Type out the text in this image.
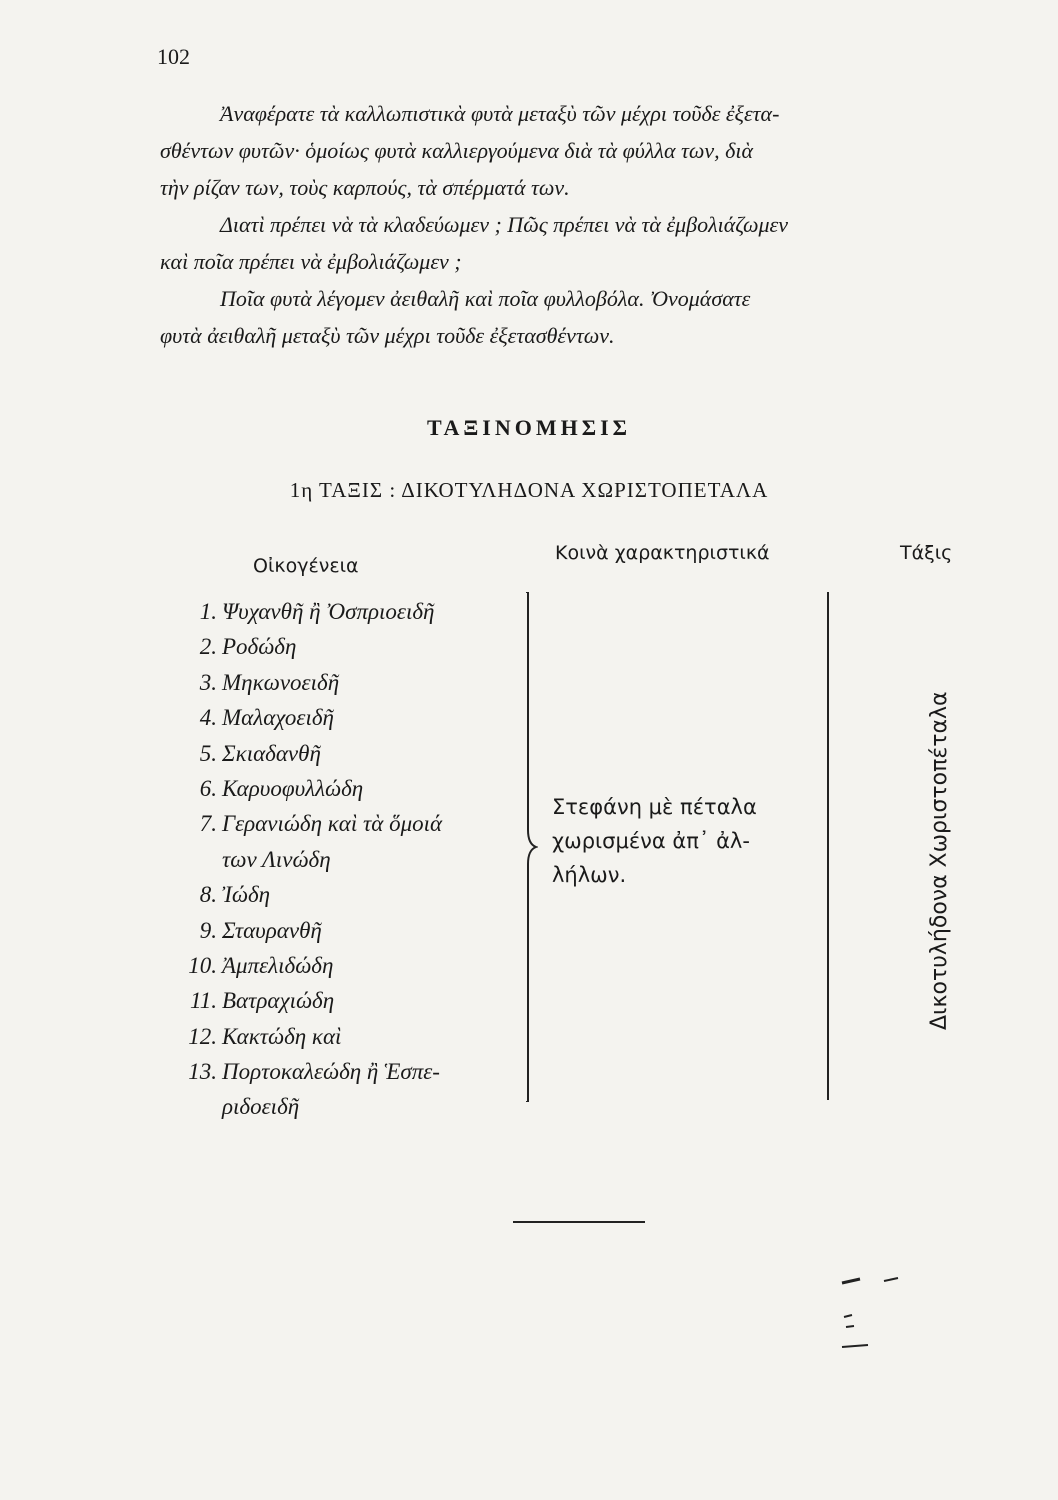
102
Ἀναφέρατε τὰ καλλωπιστικὰ φυτὰ μεταξὺ τῶν μέχρι τοῦδε ἐξετα-
σθέντων φυτῶν· ὁμοίως φυτὰ καλλιεργούμενα διὰ τὰ φύλλα των, διὰ
τὴν ρίζαν των, τοὺς καρπούς, τὰ σπέρματά των.
Διατὶ πρέπει νὰ τὰ κλαδεύωμεν ; Πῶς πρέπει νὰ τὰ ἐμβολιάζωμεν
καὶ ποῖα πρέπει νὰ ἐμβολιάζωμεν ;
Ποῖα φυτὰ λέγομεν ἀειθαλῆ καὶ ποῖα φυλλοβόλα. Ὀνομάσατε
φυτὰ ἀειθαλῆ μεταξὺ τῶν μέχρι τοῦδε ἐξετασθέντων.
ΤΑΞΙΝΟΜΗΣΙΣ
1η ΤΑΞΙΣ : ΔΙΚΟΤΥΛΗΔΟΝΑ ΧΩΡΙΣΤΟΠΕΤΑΛΑ
Οἰκογένεια
Κοινὰ χαρακτηριστικά	Τάξις
1. Ψυχανθῆ ἢ Ὀσπριοειδῆ
2. Ροδώδη
3. Μηκωνοειδῆ
4. Μαλαχοειδῆ
5. Σκιαδανθῆ
6. Καρυοφυλλώδη
7. Γερανιώδη καὶ τὰ ὅμοιά
των Λινώδη
8. Ἰώδη
9. Σταυρανθῆ
10. Ἀμπελιδώδη
11. Βατραχιώδη
12. Κακτώδη καὶ
13. Πορτοκαλεώδη ἢ Ἑσπε-
ριδοειδῆ
Στεφάνη μὲ πέταλα
χωρισμένα ἀπ᾽ ἀλ-
λήλων.	Δικοτυλήδονα Χωριστοπέταλα
